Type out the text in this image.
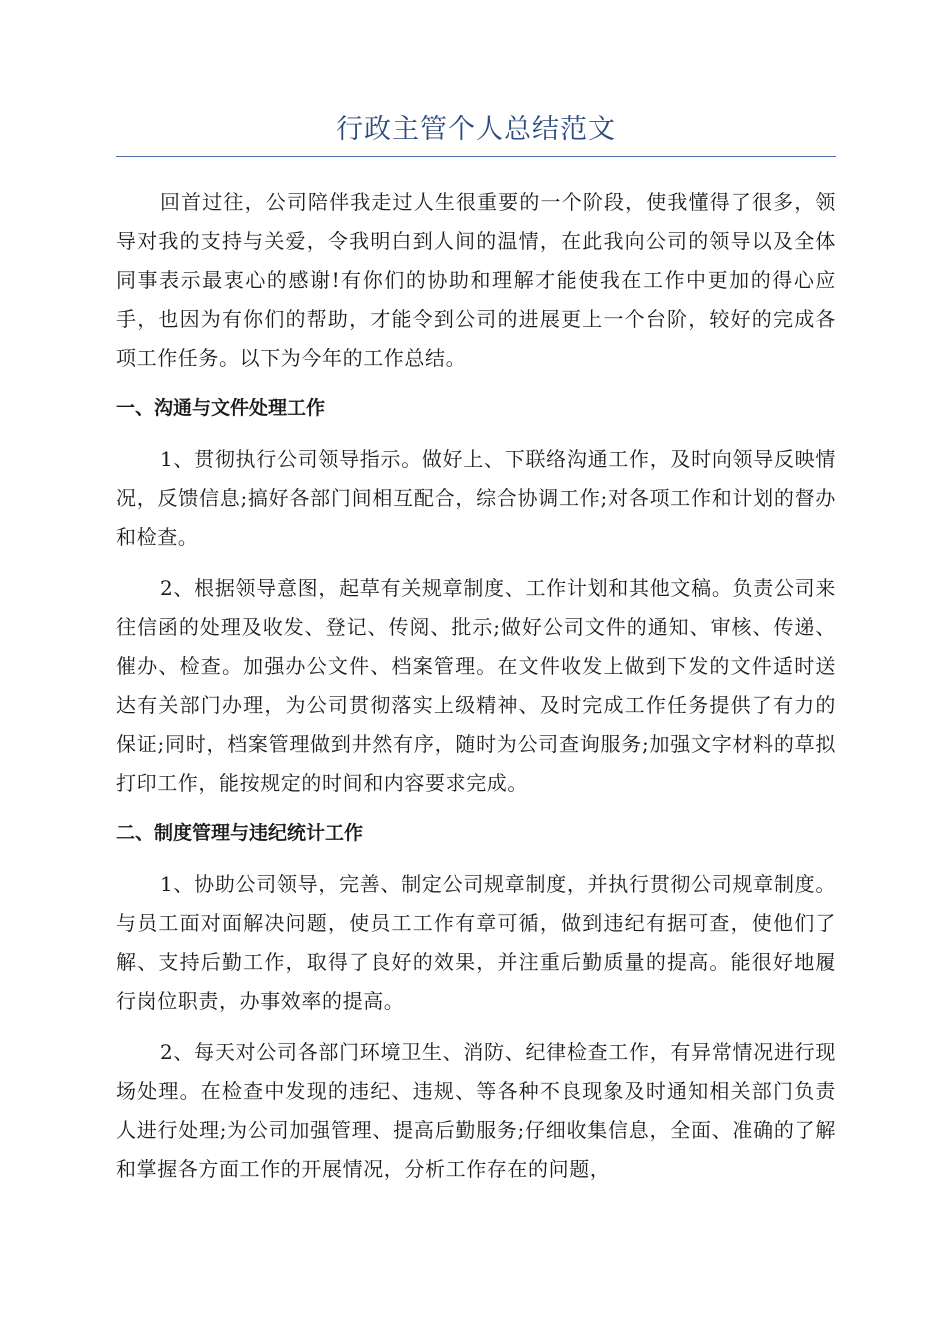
行政主管个人总结范文

回首过往，公司陪伴我走过人生很重要的一个阶段，使我懂得了很多，领导对我的支持与关爱，令我明白到人间的温情，在此我向公司的领导以及全体同事表示最衷心的感谢!有你们的协助和理解才能使我在工作中更加的得心应手，也因为有你们的帮助，才能令到公司的进展更上一个台阶，较好的完成各项工作任务。以下为今年的工作总结。

一、沟通与文件处理工作

1、贯彻执行公司领导指示。做好上、下联络沟通工作，及时向领导反映情况，反馈信息;搞好各部门间相互配合，综合协调工作;对各项工作和计划的督办和检查。

2、根据领导意图，起草有关规章制度、工作计划和其他文稿。负责公司来往信函的处理及收发、登记、传阅、批示;做好公司文件的通知、审核、传递、催办、检查。加强办公文件、档案管理。在文件收发上做到下发的文件适时送达有关部门办理，为公司贯彻落实上级精神、及时完成工作任务提供了有力的保证;同时，档案管理做到井然有序，随时为公司查询服务;加强文字材料的草拟打印工作，能按规定的时间和内容要求完成。

二、制度管理与违纪统计工作

1、协助公司领导，完善、制定公司规章制度，并执行贯彻公司规章制度。与员工面对面解决问题，使员工工作有章可循，做到违纪有据可查，使他们了解、支持后勤工作，取得了良好的效果，并注重后勤质量的提高。能很好地履行岗位职责，办事效率的提高。

2、每天对公司各部门环境卫生、消防、纪律检查工作，有异常情况进行现场处理。在检查中发现的违纪、违规、等各种不良现象及时通知相关部门负责人进行处理;为公司加强管理、提高后勤服务;仔细收集信息，全面、准确的了解和掌握各方面工作的开展情况，分析工作存在的问题，
